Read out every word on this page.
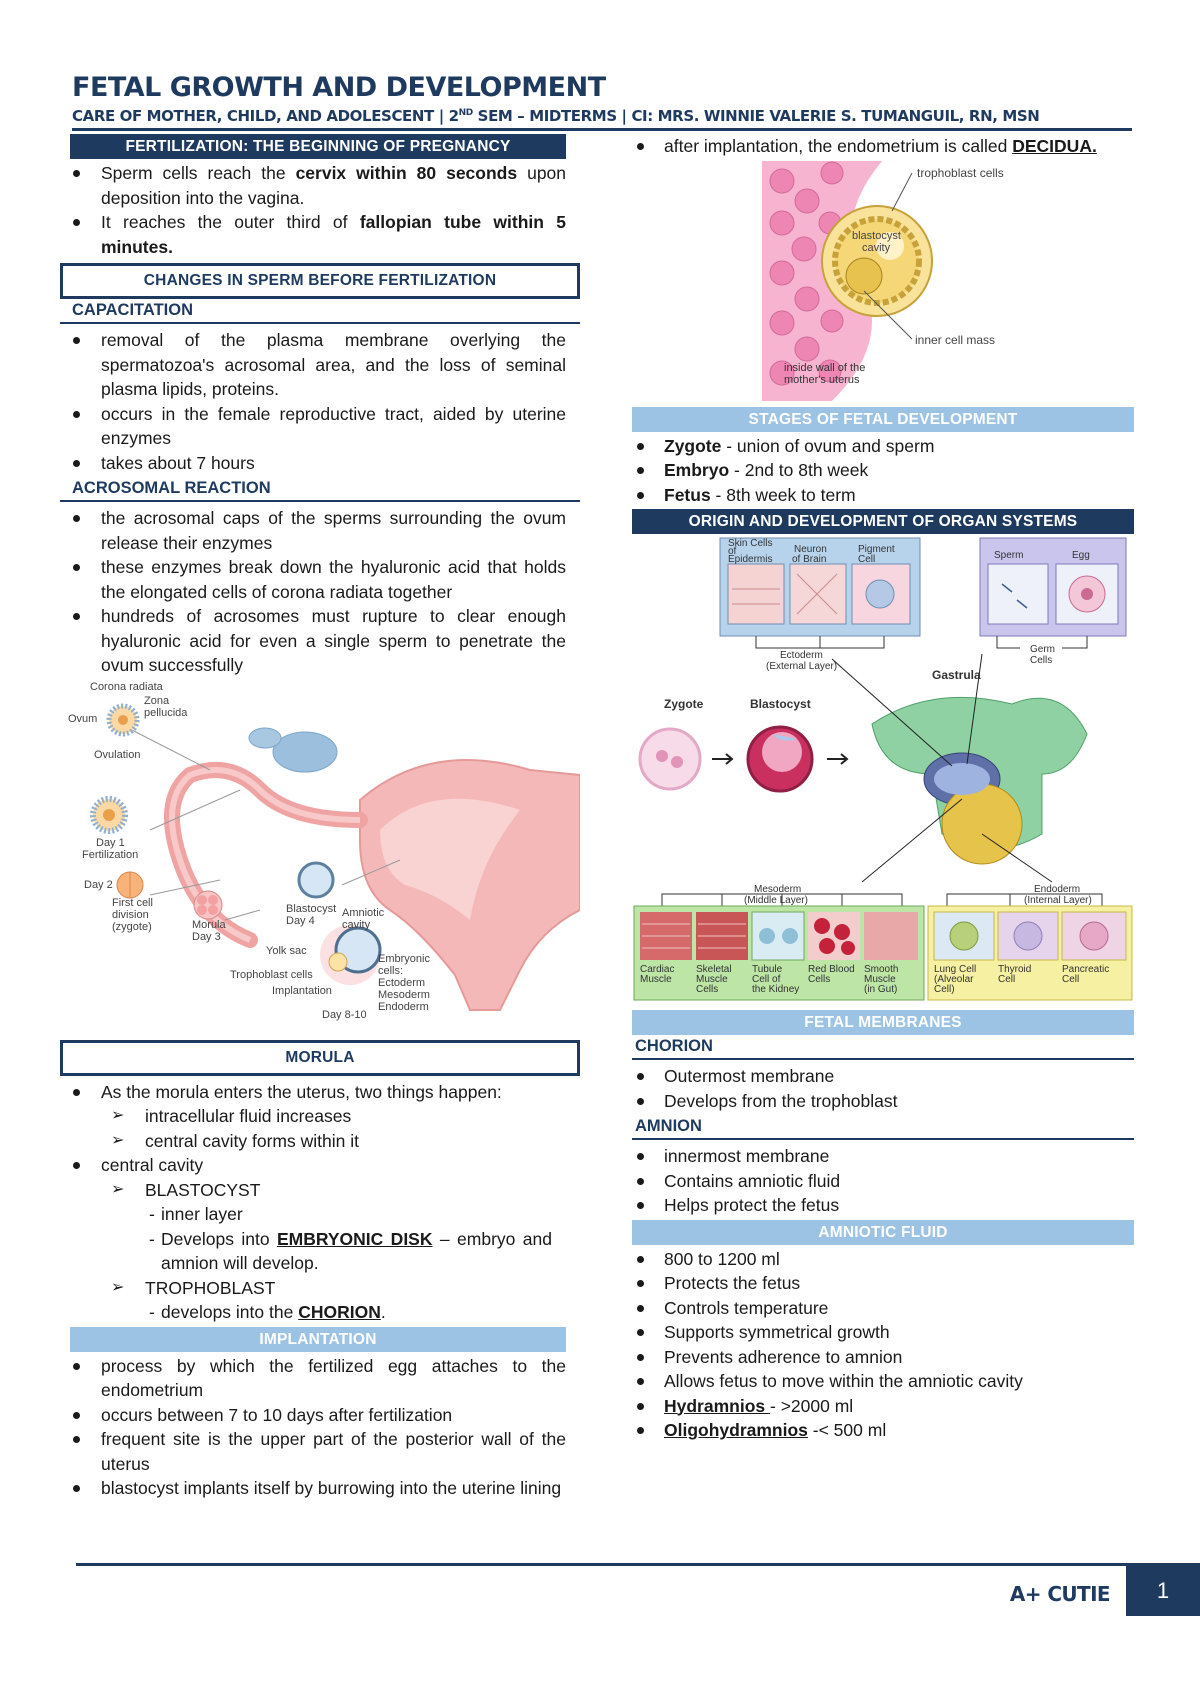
FETAL GROWTH AND DEVELOPMENT
CARE OF MOTHER, CHILD, AND ADOLESCENT | 2ND SEM – MIDTERMS | CI: MRS. WINNIE VALERIE S. TUMANGUIL, RN, MSN
FERTILIZATION: THE BEGINNING OF PREGNANCY
Sperm cells reach the cervix within 80 seconds upon deposition into the vagina.
It reaches the outer third of fallopian tube within 5 minutes.
CHANGES IN SPERM BEFORE FERTILIZATION
CAPACITATION
removal of the plasma membrane overlying the spermatozoa's acrosomal area, and the loss of seminal plasma lipids, proteins.
occurs in the female reproductive tract, aided by uterine enzymes
takes about 7 hours
ACROSOMAL REACTION
the acrosomal caps of the sperms surrounding the ovum release their enzymes
these enzymes break down the hyaluronic acid that holds the elongated cells of corona radiata together
hundreds of acrosomes must rupture to clear enough hyaluronic acid for even a single sperm to penetrate the ovum successfully
Corona radiata
Zona
pellucida
Ovum
Ovulation
Day 1
Fertilization
Day 2
First cell
division
(zygote)	Morula
Day 3
Blastocyst
Day 4
Amniotic
cavity
Yolk sac
Trophoblast cells
Implantation
Embryonic
cells:
Ectoderm
Mesoderm
Endoderm
Day 8-10
MORULA
As the morula enters the uterus, two things happen:
➢ intracellular fluid increases
➢ central cavity forms within it
central cavity
➢ BLASTOCYST
- inner layer
- Develops into EMBRYONIC DISK – embryo and amnion will develop.
➢ TROPHOBLAST
- develops into the CHORION.
IMPLANTATION
process by which the fertilized egg attaches to the endometrium
occurs between 7 to 10 days after fertilization
frequent site is the upper part of the posterior wall of the uterus
blastocyst implants itself by burrowing into the uterine lining
after implantation, the endometrium is called DECIDUA.
trophoblast cells
blastocyst
cavity
inner cell mass
inside wall of the
mother's uterus
STAGES OF FETAL DEVELOPMENT
Zygote - union of ovum and sperm
Embryo - 2nd to 8th week
Fetus - 8th week to term
ORIGIN AND DEVELOPMENT OF ORGAN SYSTEMS
Skin Cells
of
Epidermis
Neuron
of Brain
Pigment
Cell	Sperm	Egg
Ectoderm
(External Layer)
Germ
Cells
Gastrula
Zygote	Blastocyst
Mesoderm
(Middle Layer)
Endoderm
(Internal Layer)
Cardiac
Muscle
Skeletal
Muscle
Cells
Tubule
Cell of
the Kidney
Red Blood
Cells
Smooth
Muscle
(in Gut)
Lung Cell
(Alveolar
Cell)
Thyroid
Cell
Pancreatic
Cell
FETAL MEMBRANES
CHORION
Outermost membrane
Develops from the trophoblast
AMNION
innermost membrane
Contains amniotic fluid
Helps protect the fetus
AMNIOTIC FLUID
800 to 1200 ml
Protects the fetus
Controls temperature
Supports symmetrical growth
Prevents adherence to amnion
Allows fetus to move within the amniotic cavity
Hydramnios - >2000 ml
Oligohydramnios -< 500 ml
A+ CUTIE	1
